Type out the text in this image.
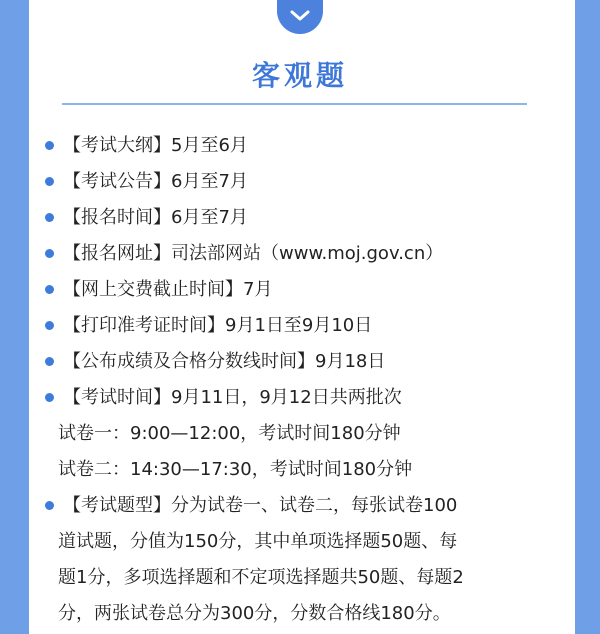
客观题
【考试大纲】5月至6月
【考试公告】6月至7月
【报名时间】6月至7月
【报名网址】司法部网站（www.moj.gov.cn）
【网上交费截止时间】7月
【打印准考证时间】9月1日至9月10日
【公布成绩及合格分数线时间】9月18日
【考试时间】9月11日，9月12日共两批次
试卷一：9:00—12:00，考试时间180分钟
试卷二：14:30—17:30，考试时间180分钟
【考试题型】分为试卷一、试卷二，每张试卷100
道试题，分值为150分，其中单项选择题50题、每
题1分，多项选择题和不定项选择题共50题、每题2
分，两张试卷总分为300分，分数合格线180分。
